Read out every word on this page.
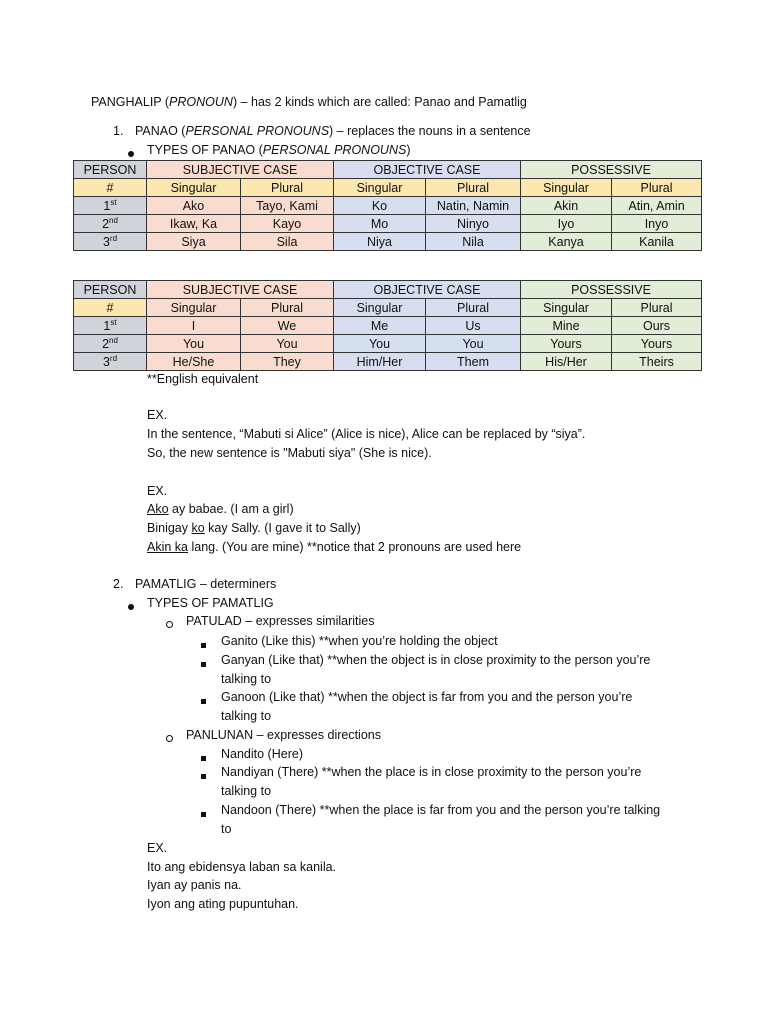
PANGHALIP (PRONOUN) – has 2 kinds which are called: Panao and Pamatlig
1. PANAO (PERSONAL PRONOUNS) – replaces the nouns in a sentence
TYPES OF PANAO (PERSONAL PRONOUNS)
PERSON	SUBJECTIVE CASE		OBJECTIVE CASE		POSSESSIVE	
#	Singular	Plural	Singular	Plural	Singular	Plural
1st	Ako	Tayo, Kami	Ko	Natin, Namin	Akin	Atin, Amin
2nd	Ikaw, Ka	Kayo	Mo	Ninyo	Iyo	Inyo
3rd	Siya	Sila	Niya	Nila	Kanya	Kanila
PERSON	SUBJECTIVE CASE		OBJECTIVE CASE		POSSESSIVE	
#	Singular	Plural	Singular	Plural	Singular	Plural
1st	I	We	Me	Us	Mine	Ours
2nd	You	You	You	You	Yours	Yours
3rd	He/She	They	Him/Her	Them	His/Her	Theirs
**English equivalent
EX.
In the sentence, “Mabuti si Alice” (Alice is nice), Alice can be replaced by “siya”.
So, the new sentence is "Mabuti siya" (She is nice).
EX.
Ako ay babae. (I am a girl)
Binigay ko kay Sally. (I gave it to Sally)
Akin ka lang. (You are mine) **notice that 2 pronouns are used here
2. PAMATLIG – determiners
TYPES OF PAMATLIG
PATULAD – expresses similarities
Ganito (Like this) **when you’re holding the object
Ganyan (Like that) **when the object is in close proximity to the person you’re
talking to
Ganoon (Like that) **when the object is far from you and the person you’re
talking to
PANLUNAN – expresses directions
Nandito (Here)
Nandiyan (There) **when the place is in close proximity to the person you’re
talking to
Nandoon (There) **when the place is far from you and the person you’re talking
to
EX.
Ito ang ebidensya laban sa kanila.
Iyan ay panis na.
Iyon ang ating pupuntuhan.
